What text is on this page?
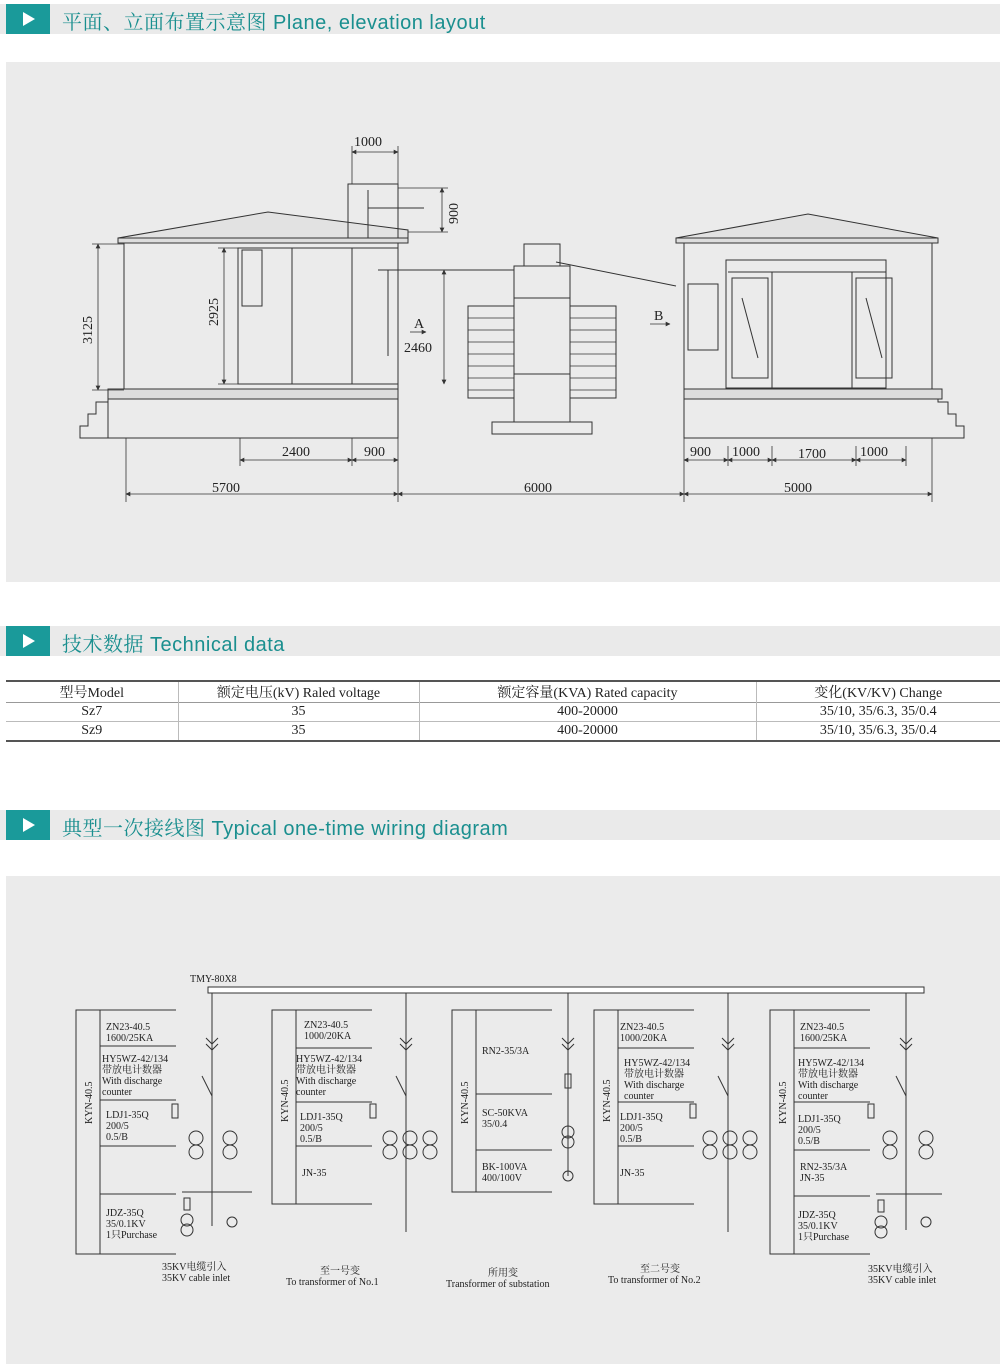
平面、立面布置示意图 Plane, elevation layout
1000
900
3125
2925	A
2460
B
2400	900
5700	6000	5000
900 1000	1700 1000
技术数据 Technical data
型号Model	额定电压(kV) Raled voltage	额定容量(KVA) Rated capacity	变化(KV/KV) Change
Sz7	35	400-20000	35/10, 35/6.3, 35/0.4
Sz9	35	400-20000	35/10, 35/6.3, 35/0.4
典型一次接线图 Typical one-time wiring diagram
TMY-80X8
KYN-40.5
ZN23-40.5
1600/25KA
HY5WZ-42/134
带放电计数器
With discharge
counter
LDJ1-35Q
200/5
0.5/B
JDZ-35Q
35/0.1KV
1只Purchase
35KV电缆引入
35KV cable inlet
KYN-40.5
ZN23-40.5
1000/20KA
HY5WZ-42/134
带放电计数器
With discharge
counter
LDJ1-35Q
200/5
0.5/B
JN-35
至一号变
To transformer of No.1
KYN-40.5
RN2-35/3A
SC-50KVA
35/0.4
BK-100VA
400/100V
所用变
Transformer of substation
KYN-40.5
ZN23-40.5
1000/20KA
HY5WZ-42/134
带放电计数器
With discharge
counter
LDJ1-35Q
200/5
0.5/B
JN-35
至二号变
To transformer of No.2
KYN-40.5
ZN23-40.5
1600/25KA
HY5WZ-42/134
带放电计数器
With discharge
counter
LDJ1-35Q
200/5
0.5/B
RN2-35/3A
JN-35
JDZ-35Q
35/0.1KV
1只Purchase
35KV电缆引入
35KV cable inlet
